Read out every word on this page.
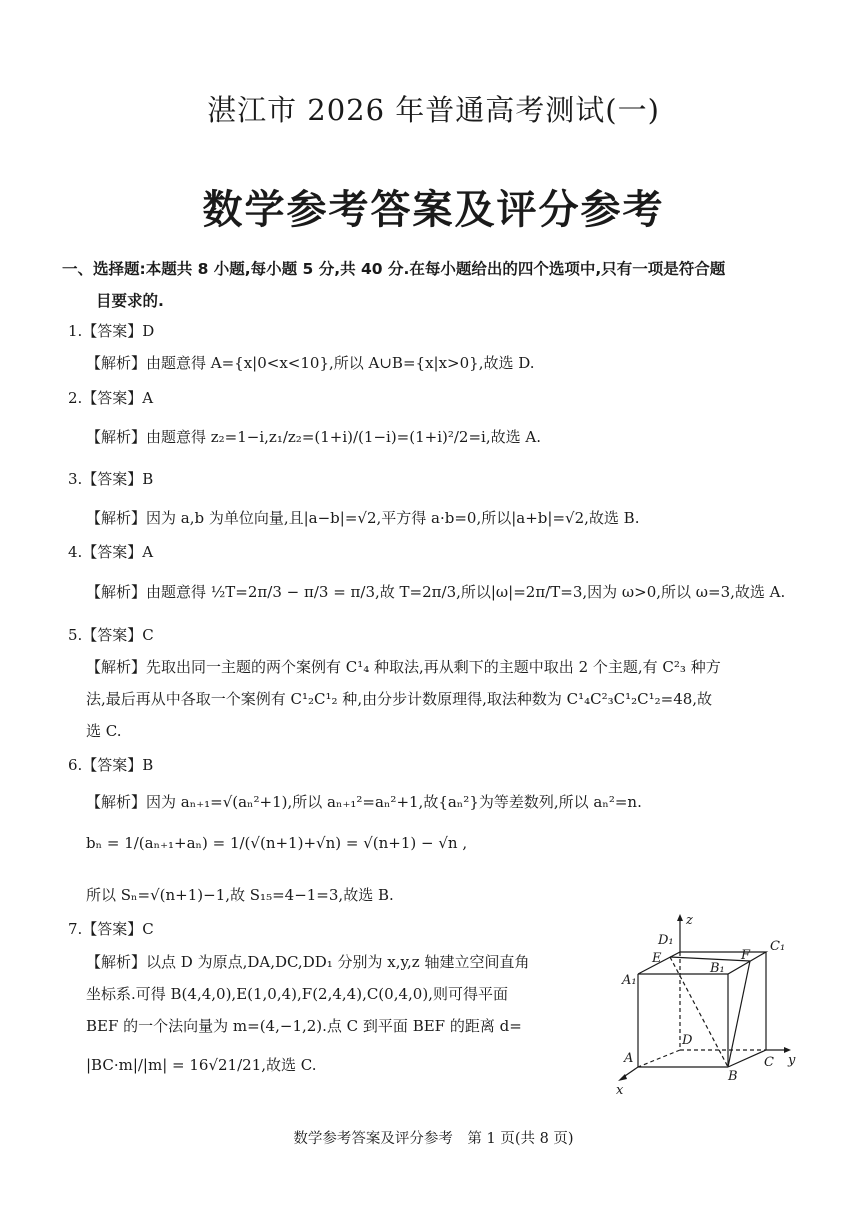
湛江市 2026 年普通高考测试(一)
数学参考答案及评分参考
一、选择题:本题共 8 小题,每小题 5 分,共 40 分.在每小题给出的四个选项中,只有一项是符合题
目要求的.
1.【答案】D
【解析】由题意得 A={x|0<x<10},所以 A∪B={x|x>0},故选 D.
2.【答案】A
【解析】由题意得 z₂=1−i,z₁/z₂=(1+i)/(1−i)=(1+i)²/2=i,故选 A.
3.【答案】B
【解析】因为 a,b 为单位向量,且|a−b|=√2,平方得 a·b=0,所以|a+b|=√2,故选 B.
4.【答案】A
【解析】由题意得 ½T=2π/3 − π/3 = π/3,故 T=2π/3,所以|ω|=2π/T=3,因为 ω>0,所以 ω=3,故选 A.
5.【答案】C
【解析】先取出同一主题的两个案例有 C¹₄ 种取法,再从剩下的主题中取出 2 个主题,有 C²₃ 种方
法,最后再从中各取一个案例有 C¹₂C¹₂ 种,由分步计数原理得,取法种数为 C¹₄C²₃C¹₂C¹₂=48,故
选 C.
6.【答案】B
【解析】因为 aₙ₊₁=√(aₙ²+1),所以 aₙ₊₁²=aₙ²+1,故{aₙ²}为等差数列,所以 aₙ²=n.
bₙ = 1/(aₙ₊₁+aₙ) = 1/(√(n+1)+√n) = √(n+1) − √n ,
所以 Sₙ=√(n+1)−1,故 S₁₅=4−1=3,故选 B.
7.【答案】C
【解析】以点 D 为原点,DA,DC,DD₁ 分别为 x,y,z 轴建立空间直角
坐标系.可得 B(4,4,0),E(1,0,4),F(2,4,4),C(0,4,0),则可得平面
BEF 的一个法向量为 m=(4,−1,2).点 C 到平面 BEF 的距离 d=
|BC·m|/|m| = 16√21/21,故选 C.
z
y
x
D₁
E
C₁
F
A₁
B₁
D
A
B
C
数学参考答案及评分参考　第 1 页(共 8 页)
